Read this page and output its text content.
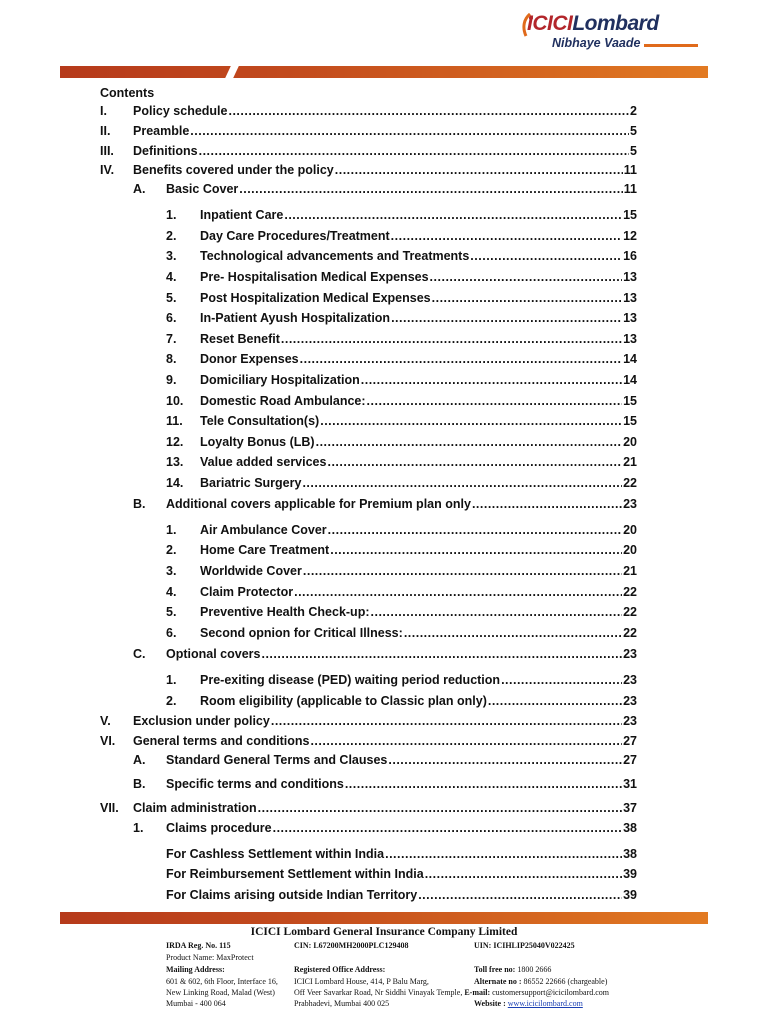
ICICILombard
Nibhaye Vaade
Contents
I.	Policy schedule .....	2
II.	Preamble .....	5
III.	Definitions .....	5
IV.	Benefits covered under the policy .....	11
A.	Basic Cover .....	11
1.	Inpatient Care .....	15
2.	Day Care Procedures/Treatment .....	12
3.	Technological advancements and Treatments .....	16
4.	Pre- Hospitalisation Medical Expenses .....	13
5.	Post Hospitalization Medical Expenses .....	13
6.	In-Patient Ayush Hospitalization .....	13
7.	Reset Benefit .....	13
8.	Donor Expenses .....	14
9.	Domiciliary Hospitalization .....	14
10.	Domestic Road Ambulance: .....	15
11.	Tele Consultation(s) .....	15
12.	Loyalty Bonus (LB) .....	20
13.	Value added services .....	21
14.	Bariatric Surgery .....	22
B.	Additional covers applicable for Premium plan only .....	23
1.	Air Ambulance Cover .....	20
2.	Home Care Treatment .....	20
3.	Worldwide Cover .....	21
4.	Claim Protector .....	22
5.	Preventive Health Check-up: .....	22
6.	Second opnion for Critical Illness: .....	22
C.	Optional covers .....	23
1.	Pre-exiting disease (PED) waiting period reduction .....	23
2.	Room eligibility (applicable to Classic plan only) .....	23
V.	Exclusion under policy .....	23
VI.	General terms and conditions .....	27
A.	Standard General Terms and Clauses .....	27
B.	Specific terms and conditions .....	31
VII.	Claim administration .....	37
1.	Claims procedure .....	38
For Cashless Settlement within India .....	38
For Reimbursement Settlement within India .....	39
For Claims arising outside Indian Territory .....	39
ICICI Lombard General Insurance Company Limited
IRDA Reg. No. 115	CIN: L67200MH2000PLC129408	UIN: ICIHLIP25040V022425
Product Name: MaxProtect
Mailing Address:	Registered Office Address:	Toll free no: 1800 2666
601 & 602, 6th Floor, Interface 16, ICICI Lombard House, 414, P Balu Marg,	Alternate no : 86552 22666 (chargeable)
New Linking Road, Malad (West) Off Veer Savarkar Road, Nr Siddhi Vinayak Temple, E-mail: customersupport@icicilombard.com
Mumbai - 400 064	Prabhadevi, Mumbai 400 025	Website : www.icicilombard.com
